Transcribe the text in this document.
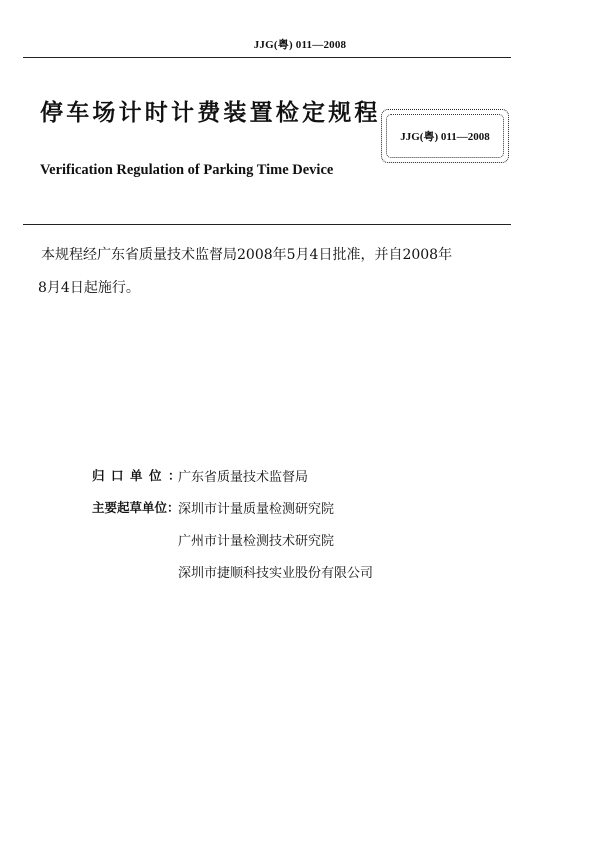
JJG(粤) 011—2008
停车场计时计费装置检定规程
JJG(粤) 011—2008
Verification Regulation of Parking Time Device
本规程经广东省质量技术监督局2008年5月4日批准，并自2008年
8月4日起施行。
归口单位：
广东省质量技术监督局
主要起草单位：
深圳市计量质量检测研究院
广州市计量检测技术研究院
深圳市捷顺科技实业股份有限公司
